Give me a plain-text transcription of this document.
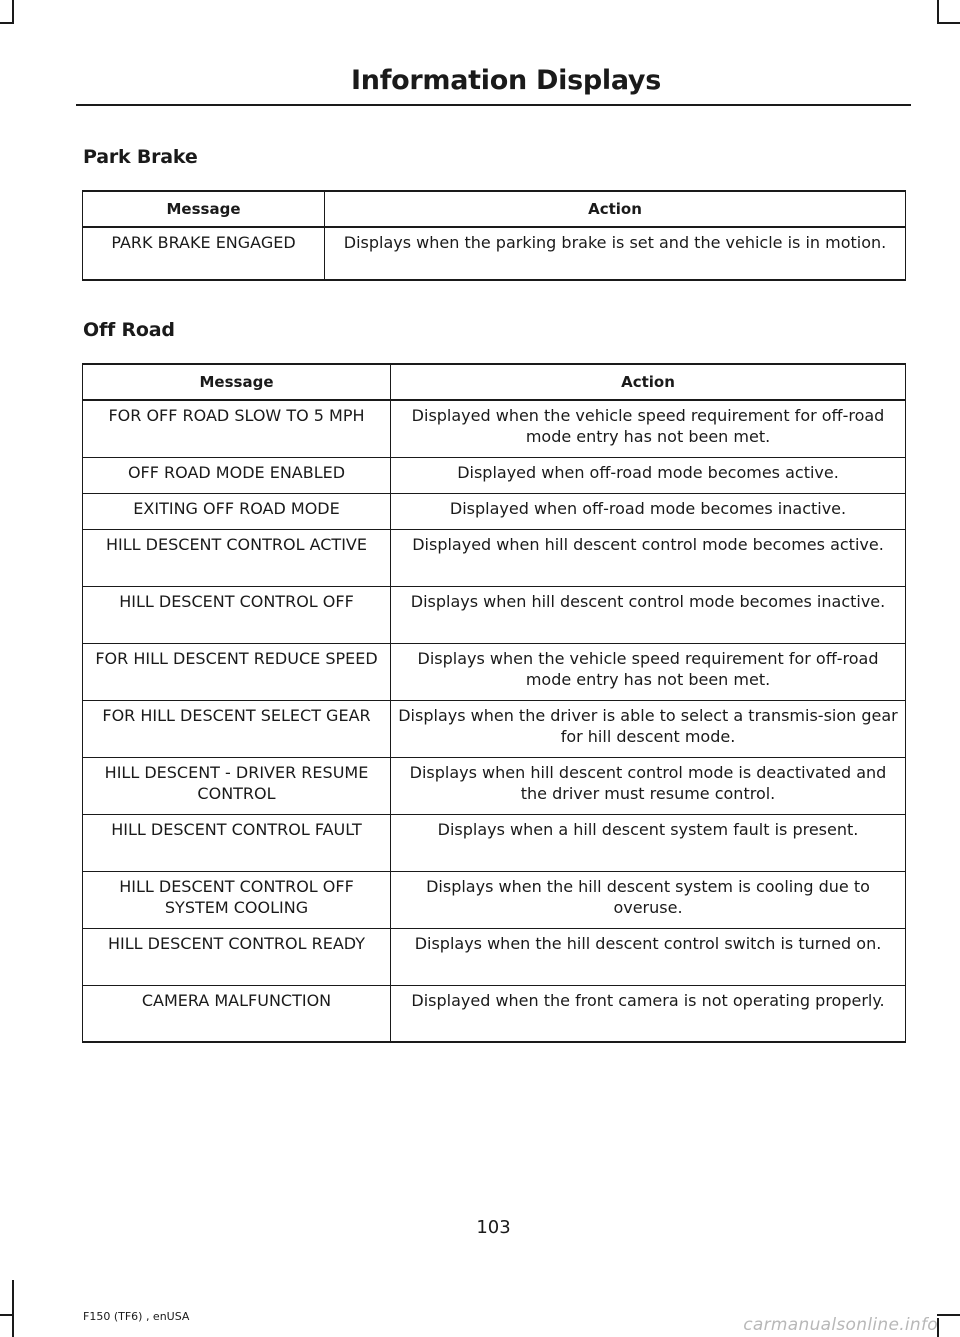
Information Displays
Park Brake
Message	Action
PARK BRAKE ENGAGED	Displays when the parking brake is set and the vehicle is in motion.
Off Road
Message	Action
FOR OFF ROAD SLOW TO 5 MPH	Displayed when the vehicle speed requirement for off-road mode entry has not been met.
OFF ROAD MODE ENABLED	Displayed when off-road mode becomes active.
EXITING OFF ROAD MODE	Displayed when off-road mode becomes inactive.
HILL DESCENT CONTROL ACTIVE	Displayed when hill descent control mode becomes active.
HILL DESCENT CONTROL OFF	Displays when hill descent control mode becomes inactive.
FOR HILL DESCENT REDUCE SPEED	Displays when the vehicle speed requirement for off-road mode entry has not been met.
FOR HILL DESCENT SELECT GEAR	Displays when the driver is able to select a transmis-sion gear for hill descent mode.
HILL DESCENT - DRIVER RESUME CONTROL	Displays when hill descent control mode is deactivated and the driver must resume control.
HILL DESCENT CONTROL FAULT	Displays when a hill descent system fault is present.
HILL DESCENT CONTROL OFF SYSTEM COOLING	Displays when the hill descent system is cooling due to overuse.
HILL DESCENT CONTROL READY	Displays when the hill descent control switch is turned on.
CAMERA MALFUNCTION	Displayed when the front camera is not operating properly.
103
F150 (TF6) , enUSA	carmanualsonline.info
